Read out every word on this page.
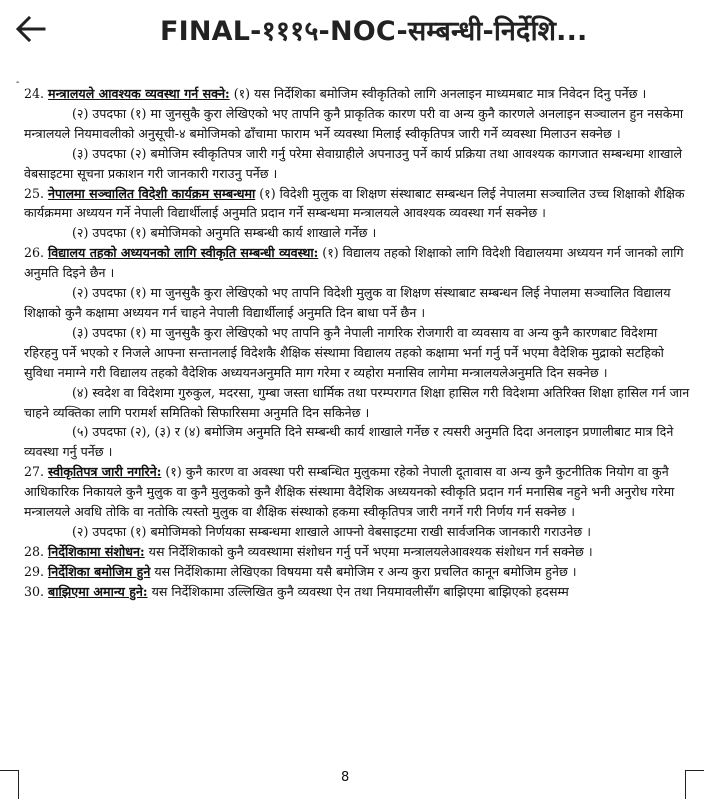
FINAL-१११५-NOC-सम्बन्धी-निर्देशि...
-

24. मन्त्रालयले आवश्यक व्यवस्था गर्न सक्ने: (१) यस निर्देशिका बमोजिम स्वीकृतिको लागि अनलाइन माध्यमबाट मात्र निवेदन दिनु पर्नेछ ।

(२) उपदफा (१) मा जुनसुकै कुरा लेखिएको भए तापनि कुनै प्राकृतिक कारण परी वा अन्य कुनै कारणले अनलाइन सञ्चालन हुन नसकेमा मन्त्रालयले नियमावलीको अनुसूची-४ बमोजिमको ढाँचामा फाराम भर्ने व्यवस्था मिलाई स्वीकृतिपत्र जारी गर्ने व्यवस्था मिलाउन सक्नेछ ।

(३) उपदफा (२) बमोजिम स्वीकृतिपत्र जारी गर्नु परेमा सेवाग्राहीले अपनाउनु पर्ने कार्य प्रक्रिया तथा आवश्यक कागजात सम्बन्धमा शाखाले वेबसाइटमा सूचना प्रकाशन गरी जानकारी गराउनु पर्नेछ ।

25. नेपालमा सञ्चालित विदेशी कार्यक्रम सम्बन्धमा (१) विदेशी मुलुक वा शिक्षण संस्थाबाट सम्बन्धन लिई नेपालमा सञ्चालित उच्च शिक्षाको शैक्षिक कार्यक्रममा अध्ययन गर्ने नेपाली विद्यार्थीलाई अनुमति प्रदान गर्ने सम्बन्धमा मन्त्रालयले आवश्यक व्यवस्था गर्न सक्नेछ ।

(२) उपदफा (१) बमोजिमको अनुमति सम्बन्धी कार्य शाखाले गर्नेछ ।

26. विद्यालय तहको अध्ययनको लागि स्वीकृति सम्बन्धी व्यवस्था: (१) विद्यालय तहको शिक्षाको लागि विदेशी विद्यालयमा अध्ययन गर्न जानको लागि अनुमति दिइने छैन ।

(२) उपदफा (१) मा जुनसुकै कुरा लेखिएको भए तापनि विदेशी मुलुक वा शिक्षण संस्थाबाट सम्बन्धन लिई नेपालमा सञ्चालित विद्यालय शिक्षाको कुनै कक्षामा अध्ययन गर्न चाहने नेपाली विद्यार्थीलाई अनुमति दिन बाधा पर्ने छैन ।

(३) उपदफा (१) मा जुनसुकै कुरा लेखिएको भए तापनि कुनै नेपाली नागरिक रोजगारी वा व्यवसाय वा अन्य कुनै कारणबाट विदेशमा रहिरहनु पर्ने भएको र निजले आफ्ना सन्तानलाई विदेशकै शैक्षिक संस्थामा विद्यालय तहको कक्षामा भर्ना गर्नु पर्ने भएमा वैदेशिक मुद्राको सटहिको सुविधा नमाग्ने गरी विद्यालय तहको वैदेशिक अध्ययनअनुमति माग गरेमा र व्यहोरा मनासिव लागेमा मन्त्रालयलेअनुमति दिन सक्नेछ ।

(४) स्वदेश वा विदेशमा गुरुकुल, मदरसा, गुम्बा जस्ता धार्मिक तथा परम्परागत शिक्षा हासिल गरी विदेशमा अतिरिक्त शिक्षा हासिल गर्न जान चाहने व्यक्तिका लागि परामर्श समितिको सिफारिसमा अनुमति दिन सकिनेछ ।

(५) उपदफा (२), (३) र (४) बमोजिम अनुमति दिने सम्बन्धी कार्य शाखाले गर्नेछ र त्यसरी अनुमति दिदा अनलाइन प्रणालीबाट मात्र दिने व्यवस्था गर्नु पर्नेछ ।

27. स्वीकृतिपत्र जारी नगरिने: (१) कुनै कारण वा अवस्था परी सम्बन्धित मुलुकमा रहेको नेपाली दूतावास वा अन्य कुनै कुटनीतिक नियोग वा कुनै आधिकारिक निकायले कुनै मुलुक वा कुनै मुलुकको कुनै शैक्षिक संस्थामा वैदेशिक अध्ययनको स्वीकृति प्रदान गर्न मनासिब नहुने भनी अनुरोध गरेमा मन्त्रालयले अवधि तोकि वा नतोकि त्यस्तो मुलुक वा शैक्षिक संस्थाको हकमा स्वीकृतिपत्र जारी नगर्ने गरी निर्णय गर्न सक्नेछ ।

(२) उपदफा (१) बमोजिमको निर्णयका सम्बन्धमा शाखाले आफ्नो वेबसाइटमा राखी सार्वजनिक जानकारी गराउनेछ ।

28. निर्देशिकामा संशोधन: यस निर्देशिकाको कुनै व्यवस्थामा संशोधन गर्नु पर्ने भएमा मन्त्रालयलेआवश्यक संशोधन गर्न सक्नेछ ।

29. निर्देशिका बमोजिम हुने यस निर्देशिकामा लेखिएका विषयमा यसै बमोजिम र अन्य कुरा प्रचलित कानून बमोजिम हुनेछ ।

30. बाझिएमा अमान्य हुने: यस निर्देशिकामा उल्लिखित कुनै व्यवस्था ऐन तथा नियमावलीसँग बाझिएमा बाझिएको हदसम्म

8
